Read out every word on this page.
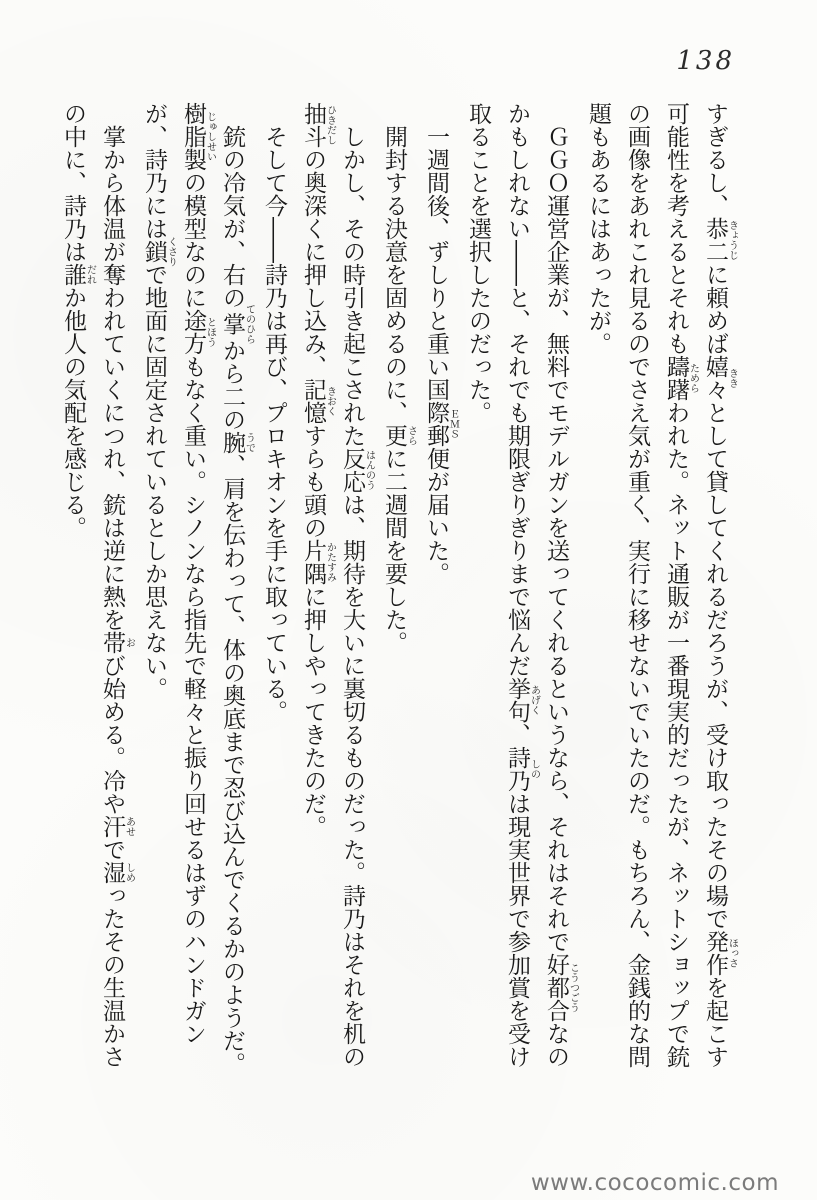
138

すぎるし、恭二きょうじに頼めば嬉々ききとして貸してくれるだろうが、受け取ったその場で発作ほっさを起こす可能性を考えるとそれも躊躇ためらわれた。ネット通販が一番現実的だったが、ネットショップで銃の画像をあれこれ見るのでさえ気が重く、実行に移せないでいたのだ。もちろん、金銭的な問題もあるにはあったが。

　ＧＧＯ運営企業が、無料でモデルガンを送ってくれるというなら、それはそれで好都合こうつごうなのかもしれない――と、それでも期限ぎりぎりまで悩んだ挙句あげく、詩乃しのは現実世界で参加賞を受け取ることを選択したのだった。

　一週間後、ずしりと重い国際郵便ＥＭＳが届いた。

　開封する決意を固めるのに、更さらに二週間を要した。

　しかし、その時引き起こされた反応はんのうは、期待を大いに裏切るものだった。詩乃はそれを机の抽斗ひきだしの奥深くに押し込み、記憶きおくすらも頭の片隅かたすみに押しやってきたのだ。

　そして今――詩乃は再び、プロキオンを手に取っている。

　銃の冷気が、右の掌てのひらから二の腕うで、肩を伝わって、体の奥底まで忍び込んでくるかのようだ。樹脂製じゅしせいの模型なのに途方とほうもなく重い。シノンなら指先で軽々と振り回せるはずのハンドガンが、詩乃には鎖くさりで地面に固定されているとしか思えない。

　掌から体温が奪われていくにつれ、銃は逆に熱を帯おび始める。冷や汗あせで湿しめったその生温かさの中に、詩乃は誰だれか他人の気配を感じる。

www.cococomic.com
